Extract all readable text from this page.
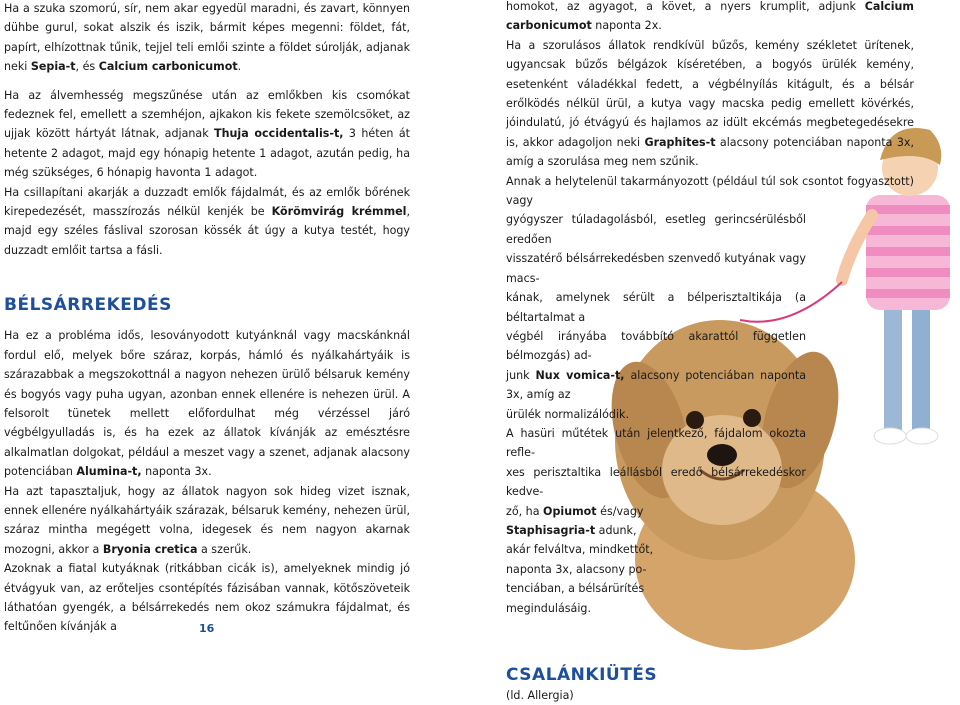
Ha a szuka szomorú, sír, nem akar egyedül maradni, és zavart, könnyen dühbe gurul, sokat alszik és iszik, bármit képes megenni: földet, fát, papírt, elhízottnak tűnik, tejjel teli emlői szinte a földet súrolják, adjanak neki Sepia-t, és Calcium carbonicumot.

Ha az álvemhesség megszűnése után az emlőkben kis csomókat fedeznek fel, emellett a szemhéjon, ajkakon kis fekete szemölcsöket, az ujjak között hártyát látnak, adjanak Thuja occidentalis-t, 3 héten át hetente 2 adagot, majd egy hónapig hetente 1 adagot, azután pedig, ha még szükséges, 6 hónapig havonta 1 adagot.

Ha csillapítani akarják a duzzadt emlők fájdalmát, és az emlők bőrének kirepedezését, masszírozás nélkül kenjék be Körömvirág krémmel, majd egy széles fáslival szorosan kössék át úgy a kutya testét, hogy duzzadt emlőit tartsa a fásli.

BÉLSÁRREKEDÉS

Ha ez a probléma idős, lesoványodott kutyánknál vagy macskánknál fordul elő, melyek bőre száraz, korpás, hámló és nyálkahártyáik is szárazabbak a megszokottnál a nagyon nehezen ürülő bélsaruk kemény és bogyós vagy puha ugyan, azonban ennek ellenére is nehezen ürül. A felsorolt tünetek mellett előfordulhat még vérzéssel járó végbélgyulladás is, és ha ezek az állatok kívánják az emésztésre alkalmatlan dolgokat, például a meszet vagy a szenet, adjanak alacsony potenciában Alumina-t, naponta 3x.

Ha azt tapasztaljuk, hogy az állatok nagyon sok hideg vizet isznak, ennek ellenére nyálkahártyáik szárazak, bélsaruk kemény, nehezen ürül, száraz mintha megégett volna, idegesek és nem nagyon akarnak mozogni, akkor a Bryonia cretica a szerűk.

Azoknak a fiatal kutyáknak (ritkábban cicák is), amelyeknek mindig jó étvágyuk van, az erőteljes csontépítés fázisában vannak, kötőszöveteik láthatóan gyengék, a bélsárrekedés nem okoz számukra fájdalmat, és feltűnően kívánják a

homokot, az agyagot, a követ, a nyers krumplit, adjunk Calcium carbonicumot naponta 2x.

Ha a szorulásos állatok rendkívül bűzős, kemény székletet ürítenek, ugyancsak bűzős bélgázok kíséretében, a bogyós ürülék kemény, esetenként váladékkal fedett, a végbélnyílás kitágult, és a bélsár erőlködés nélkül ürül, a kutya vagy macska pedig emellett kövérkés, jóindulatú, jó étvágyú és hajlamos az idült ekcémás megbetegedésekre is, akkor adagoljon neki Graphites-t alacsony potenciában naponta 3x, amíg a szorulása meg nem szűnik.

Annak a helytelenül takarmányozott (például túl sok csontot fogyasztott) vagy
gyógyszer túladagolásból, esetleg gerincsérülésből eredően
visszatérő bélsárrekedésben szenvedő kutyának vagy macs-
kának, amelynek sérült a bélperisztaltikája (a béltartalmat a
végbél irányába továbbító akarattól független bélmozgás) ad-
junk Nux vomica-t, alacsony potenciában naponta 3x, amíg az
ürülék normalizálódik.
A hasüri műtétek után jelentkező, fájdalom okozta refle-
xes perisztaltika leállásból eredő bélsárrekedéskor kedve-
ző, ha Opiumot és/vagy
Staphisagria-t adunk,
akár felváltva, mindkettőt,
naponta 3x, alacsony po-
tenciában, a bélsárürítés
megindulásáig.
CSALÁNKIÜTÉS
(ld. Allergia)
16
